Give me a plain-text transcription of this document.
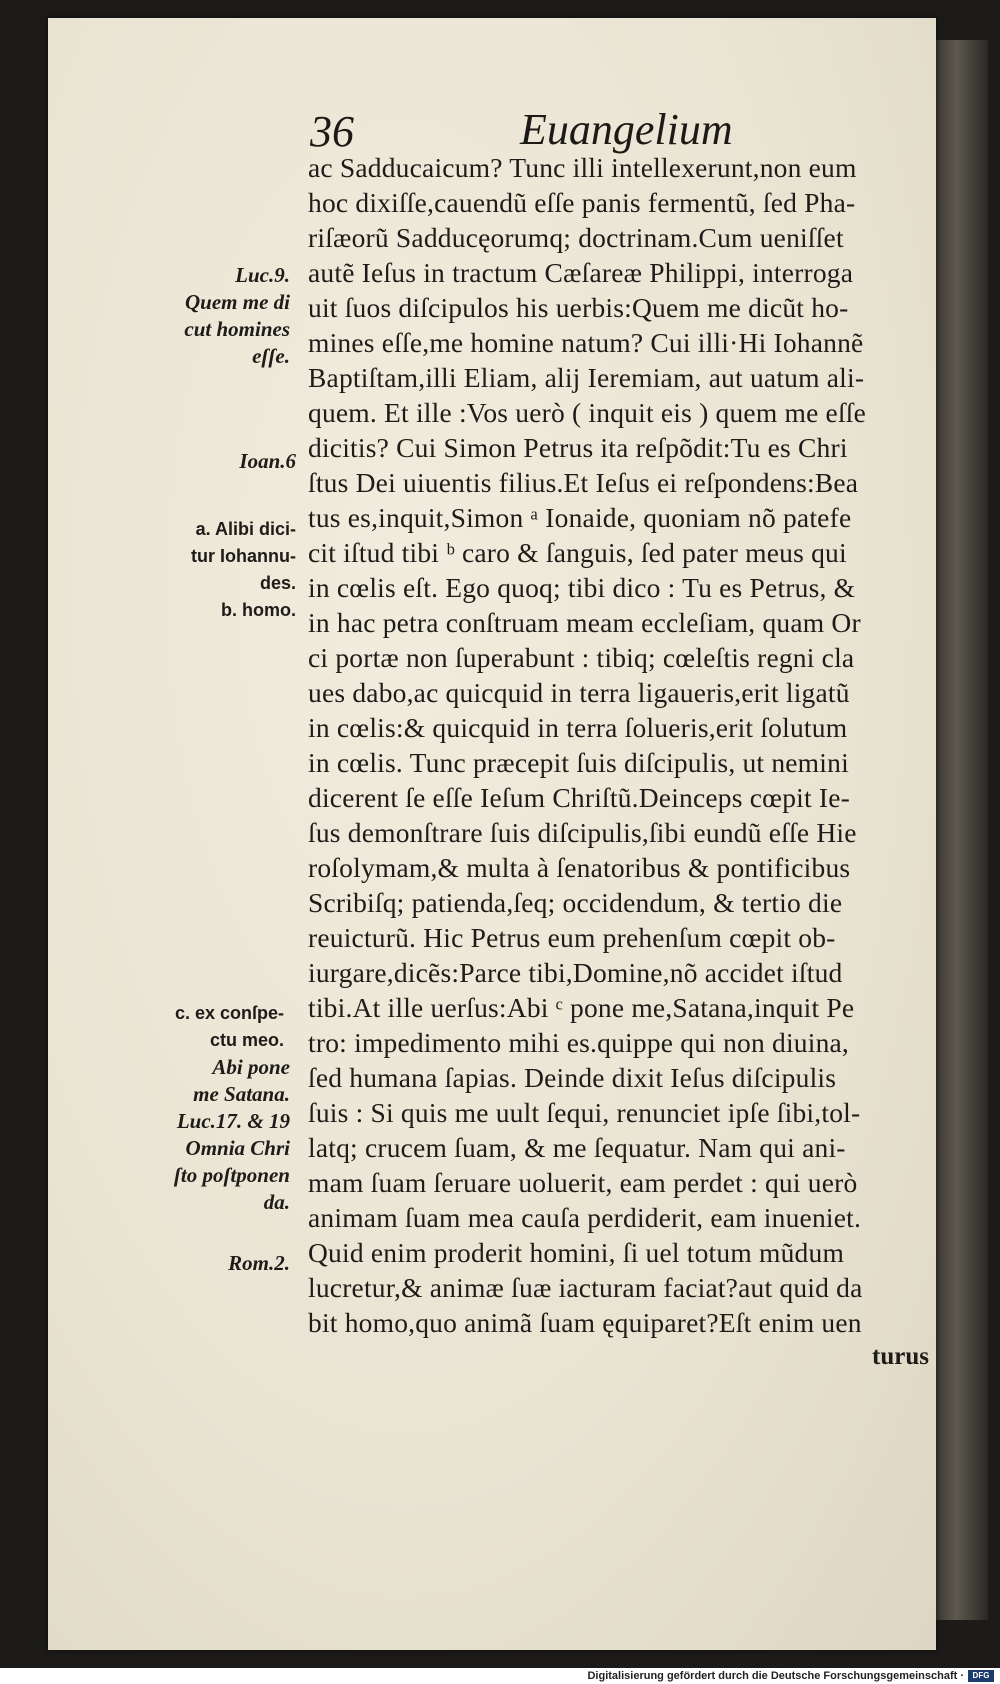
36	Euangelium
ac Sadducaicum? Tunc illi intellexerunt,non eum
hoc dixiſſe,cauendũ eſſe panis fermentũ, ſed Pha-
riſæorũ Sadducęorumq; doctrinam.Cum ueniſſet
autẽ Ieſus in tractum Cæſareæ Philippi, interroga
uit ſuos diſcipulos his uerbis:Quem me dicũt ho-
mines eſſe,me homine natum? Cui illi·Hi Iohannẽ
Baptiſtam,illi Eliam, alij Ieremiam, aut uatum ali-
quem. Et ille :Vos uerò ( inquit eis ) quem me eſſe
dicitis? Cui Simon Petrus ita reſpõdit:Tu es Chri
ſtus Dei uiuentis filius.Et Ieſus ei reſpondens:Bea
tus es,inquit,Simon ᵃ Ionaide, quoniam nõ patefe
cit iſtud tibi ᵇ caro & ſanguis, ſed pater meus qui
in cœlis eſt. Ego quoq; tibi dico : Tu es Petrus, &
in hac petra conſtruam meam eccleſiam, quam Or
ci portæ non ſuperabunt : tibiq; cœleſtis regni cla
ues dabo,ac quicquid in terra ligaueris,erit ligatũ
in cœlis:& quicquid in terra ſolueris,erit ſolutum
in cœlis. Tunc præcepit ſuis diſcipulis, ut nemini
dicerent ſe eſſe Ieſum Chriſtũ.Deinceps cœpit Ie-
ſus demonſtrare ſuis diſcipulis,ſibi eundũ eſſe Hie
roſolymam,& multa à ſenatoribus & pontificibus
Scribiſq; patienda,ſeq; occidendum, & tertio die
reuicturũ. Hic Petrus eum prehenſum cœpit ob-
iurgare,dicẽs:Parce tibi,Domine,nõ accidet iſtud
tibi.At ille uerſus:Abi ᶜ pone me,Satana,inquit Pe
tro: impedimento mihi es.quippe qui non diuina,
ſed humana ſapias. Deinde dixit Ieſus diſcipulis
ſuis : Si quis me uult ſequi, renunciet ipſe ſibi,tol-
latq; crucem ſuam, & me ſequatur. Nam qui ani-
mam ſuam ſeruare uoluerit, eam perdet : qui uerò
animam ſuam mea cauſa perdiderit, eam inueniet.
Quid enim proderit homini, ſi uel totum mũdum
lucretur,& animæ ſuæ iacturam faciat?aut quid da
bit homo,quo animã ſuam ęquiparet?Eſt enim uen
turus
Luc.9.
Quem me di
cut homines
eſſe.
Ioan.6
a. Alibi dici-
tur Iohannu-
des.
b. homo.
c. ex conſpe-
ctu meo.
Abi pone
me Satana.
Luc.17. & 19
Omnia Chri
ſto poſtponen
da.
Rom.2.
Digitalisierung gefördert durch die Deutsche Forschungsgemeinschaft ·	DFG
